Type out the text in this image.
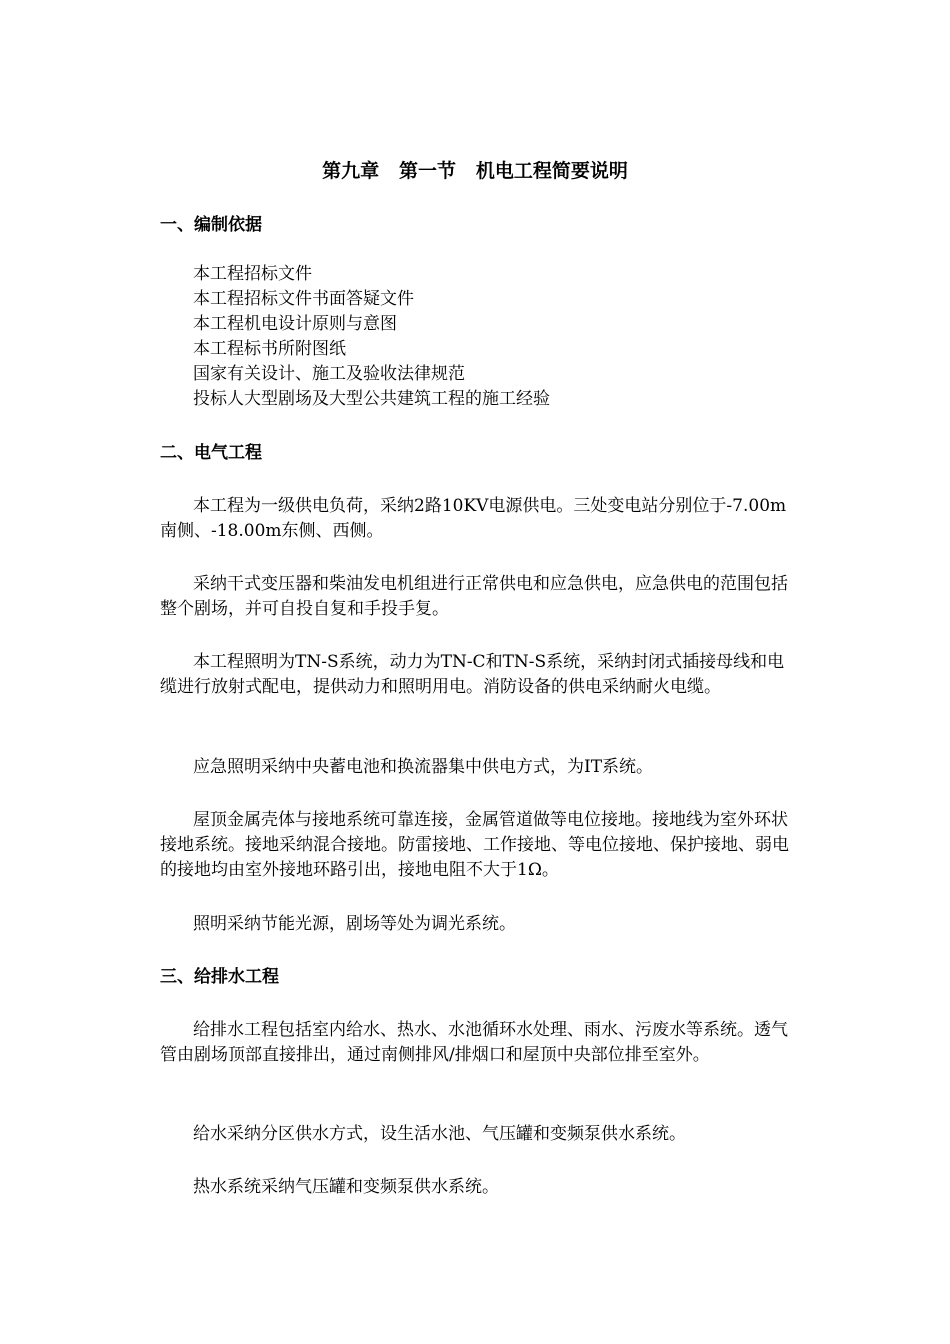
第九章   第一节   机电工程简要说明
一、编制依据
本工程招标文件
本工程招标文件书面答疑文件
本工程机电设计原则与意图
本工程标书所附图纸
国家有关设计、施工及验收法律规范
投标人大型剧场及大型公共建筑工程的施工经验
二、电气工程

本工程为一级供电负荷，采纳2路10KV电源供电。三处变电站分别位于-7.00m 南侧、-18.00m东侧、西侧。

采纳干式变压器和柴油发电机组进行正常供电和应急供电，应急供电的范围包括整个剧场，并可自投自复和手投手复。

本工程照明为TN-S系统，动力为TN-C和TN-S系统，采纳封闭式插接母线和电缆进行放射式配电，提供动力和照明用电。消防设备的供电采纳耐火电缆。

应急照明采纳中央蓄电池和换流器集中供电方式，为IT系统。

屋顶金属壳体与接地系统可靠连接，金属管道做等电位接地。接地线为室外环状接地系统。接地采纳混合接地。防雷接地、工作接地、等电位接地、保护接地、弱电的接地均由室外接地环路引出，接地电阻不大于1Ω。

照明采纳节能光源，剧场等处为调光系统。

三、给排水工程

给排水工程包括室内给水、热水、水池循环水处理、雨水、污废水等系统。透气管由剧场顶部直接排出，通过南侧排风/排烟口和屋顶中央部位排至室外。

给水采纳分区供水方式，设生活水池、气压罐和变频泵供水系统。

热水系统采纳气压罐和变频泵供水系统。
